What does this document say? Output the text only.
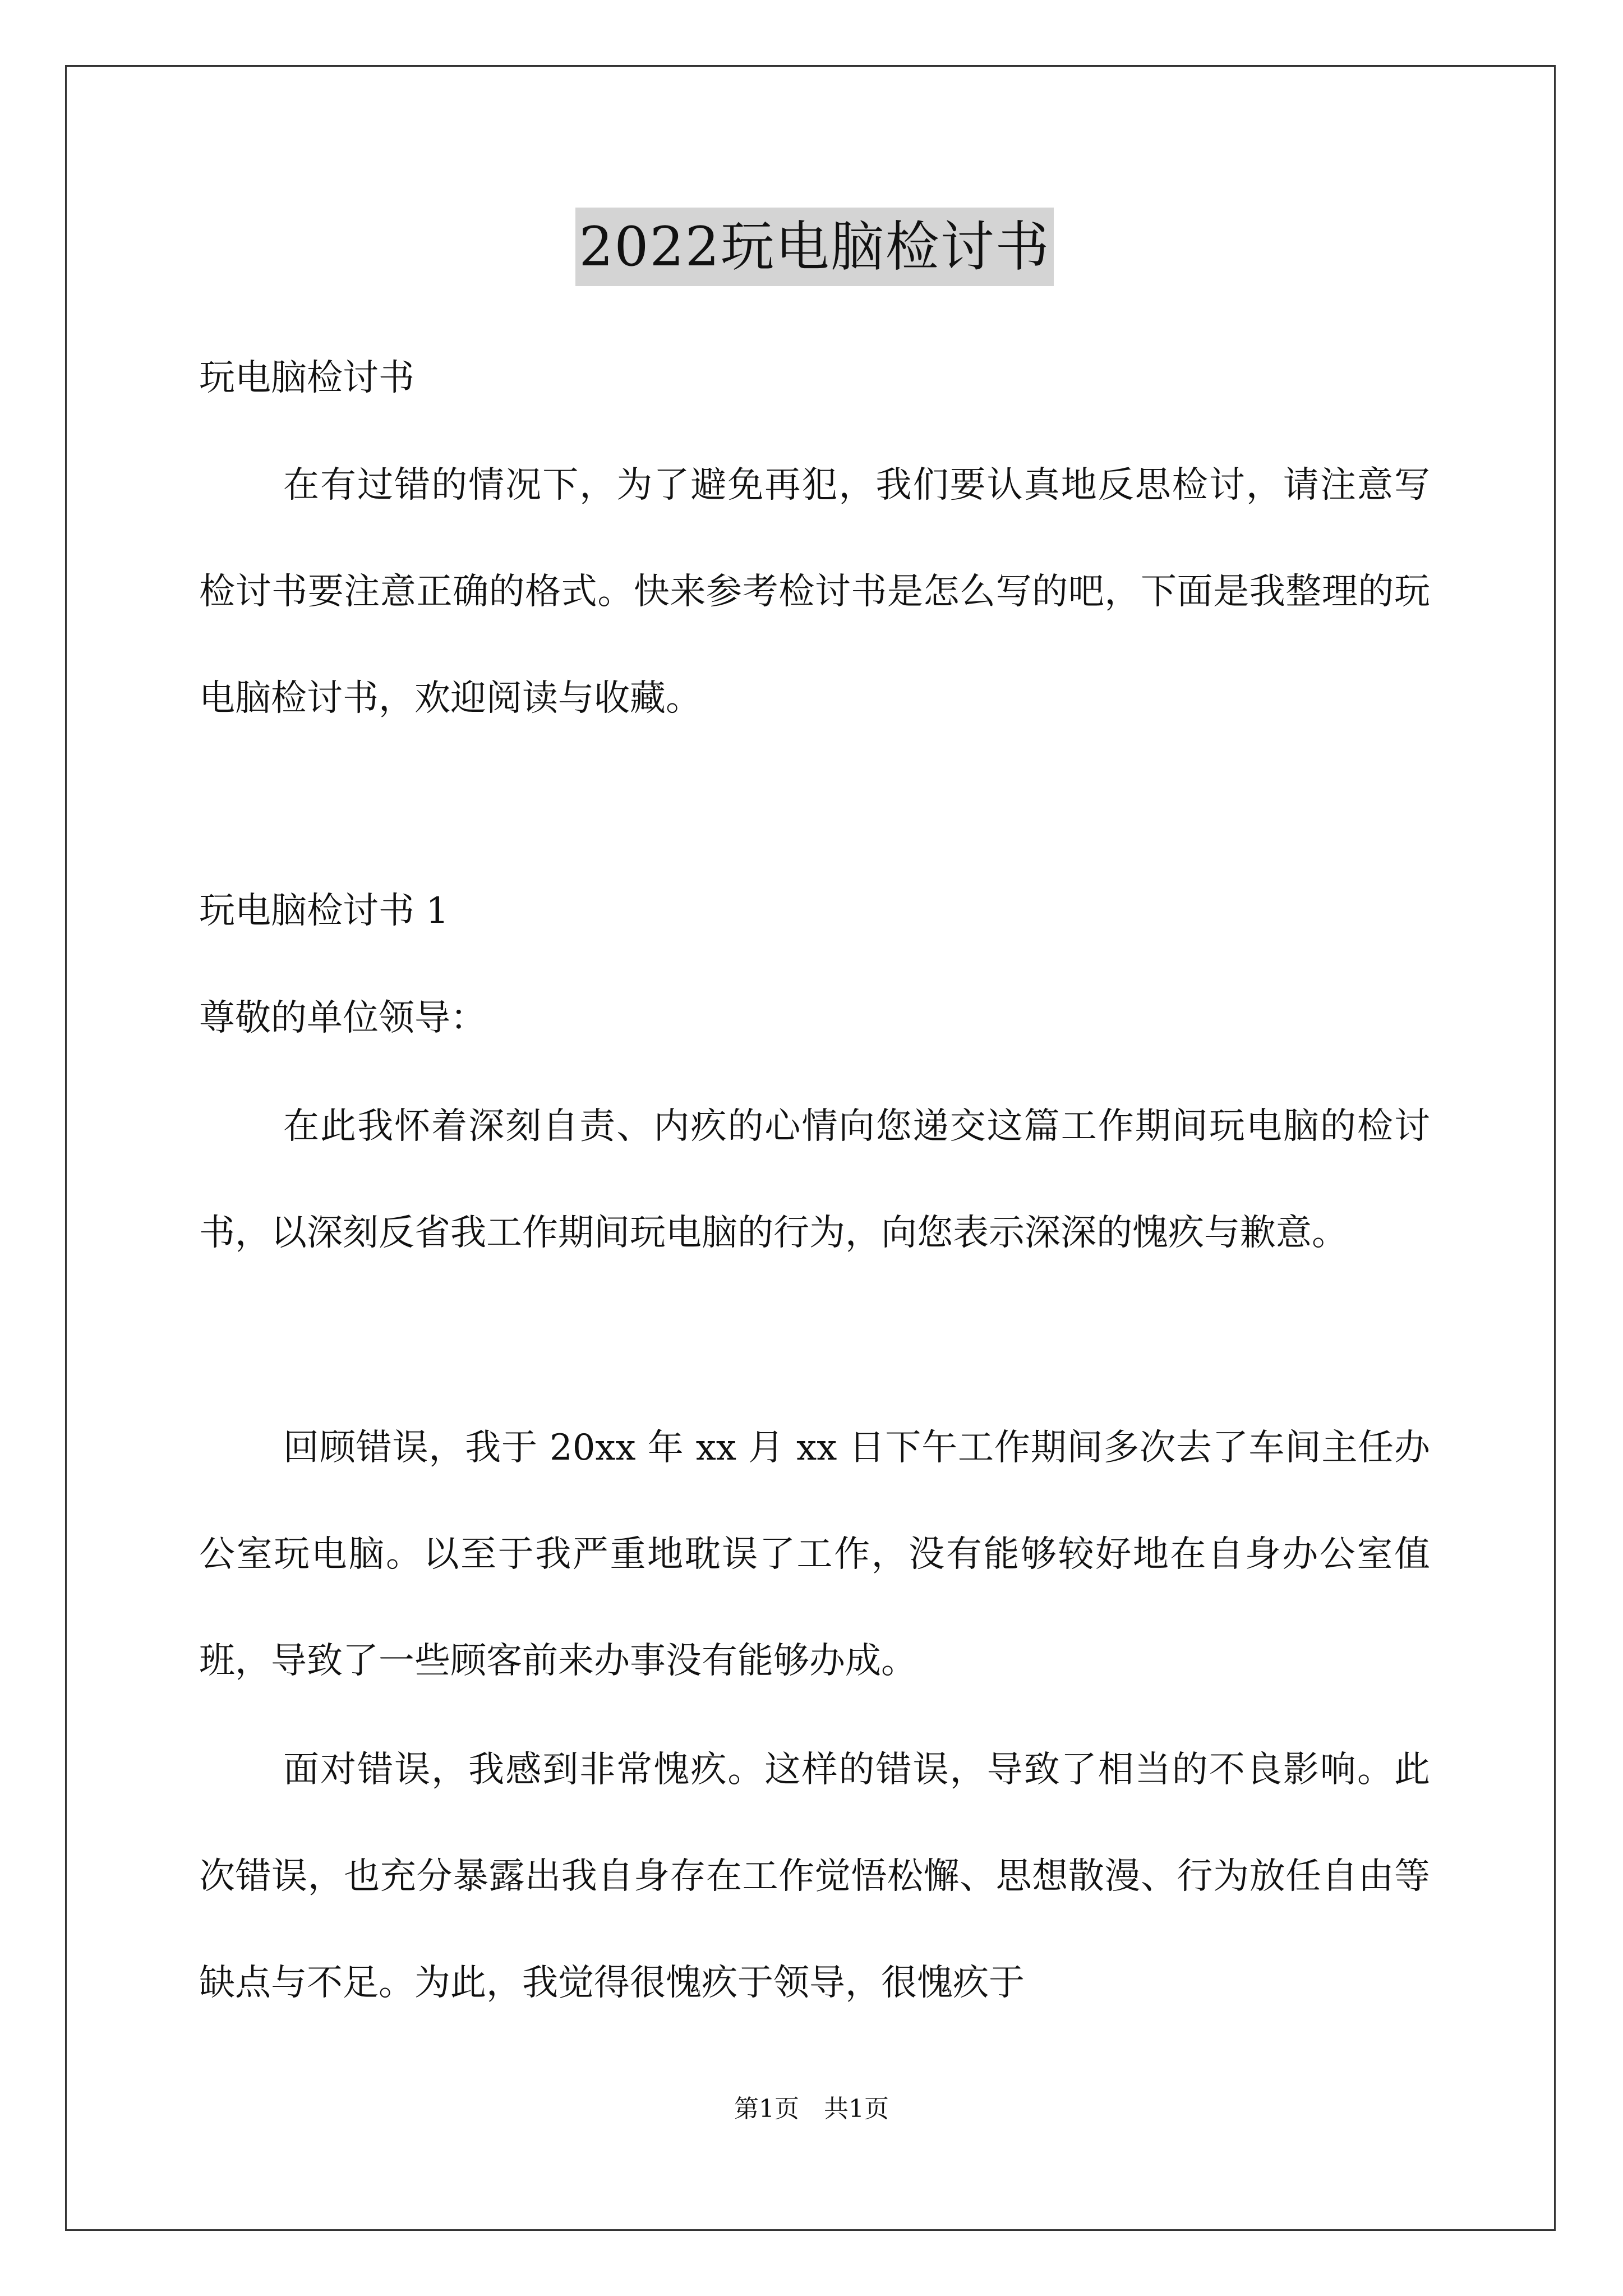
2022玩电脑检讨书
玩电脑检讨书
在有过错的情况下，为了避免再犯，我们要认真地反思检讨，请注意写检讨书要注意正确的格式。快来参考检讨书是怎么写的吧，下面是我整理的玩电脑检讨书，欢迎阅读与收藏。
玩电脑检讨书 1
尊敬的单位领导：
在此我怀着深刻自责、内疚的心情向您递交这篇工作期间玩电脑的检讨书，以深刻反省我工作期间玩电脑的行为，向您表示深深的愧疚与歉意。
回顾错误，我于 20xx 年 xx 月 xx 日下午工作期间多次去了车间主任办公室玩电脑。以至于我严重地耽误了工作，没有能够较好地在自身办公室值班，导致了一些顾客前来办事没有能够办成。
面对错误，我感到非常愧疚。这样的错误，导致了相当的不良影响。此次错误，也充分暴露出我自身存在工作觉悟松懈、思想散漫、行为放任自由等缺点与不足。为此，我觉得很愧疚于领导，很愧疚于
第1页　共1页
